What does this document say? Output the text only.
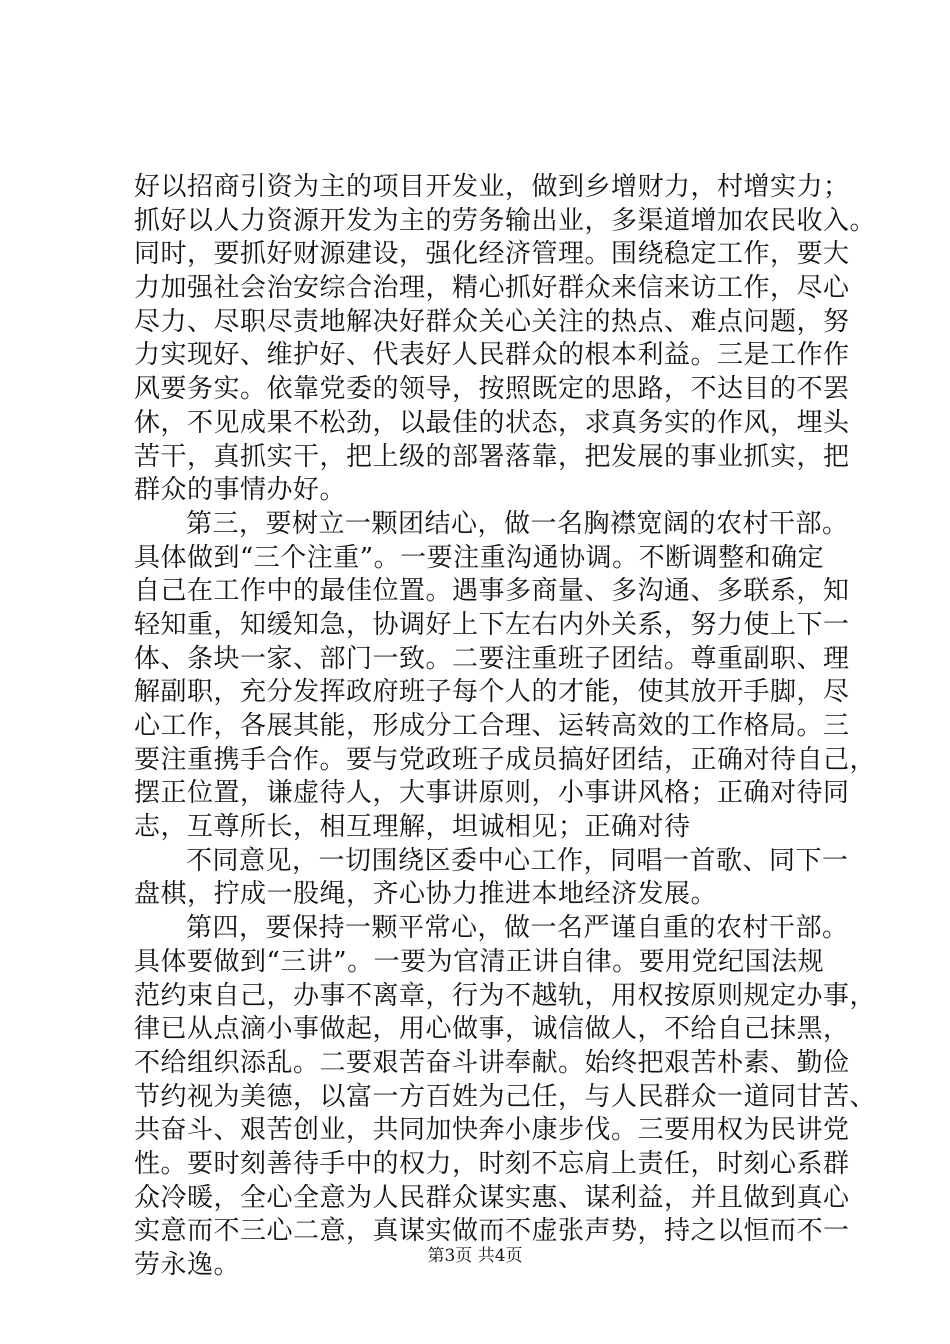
好以招商引资为主的项目开发业，做到乡增财力，村增实力；
抓好以人力资源开发为主的劳务输出业，多渠道增加农民收入。
同时，要抓好财源建设，强化经济管理。围绕稳定工作，要大
力加强社会治安综合治理，精心抓好群众来信来访工作，尽心
尽力、尽职尽责地解决好群众关心关注的热点、难点问题，努
力实现好、维护好、代表好人民群众的根本利益。三是工作作
风要务实。依靠党委的领导，按照既定的思路，不达目的不罢
休，不见成果不松劲，以最佳的状态，求真务实的作风，埋头
苦干，真抓实干，把上级的部署落靠，把发展的事业抓实，把
群众的事情办好。
第三，要树立一颗团结心，做一名胸襟宽阔的农村干部。
具体做到“三个注重”。一要注重沟通协调。不断调整和确定
自己在工作中的最佳位置。遇事多商量、多沟通、多联系，知
轻知重，知缓知急，协调好上下左右内外关系，努力使上下一
体、条块一家、部门一致。二要注重班子团结。尊重副职、理
解副职，充分发挥政府班子每个人的才能，使其放开手脚，尽
心工作，各展其能，形成分工合理、运转高效的工作格局。三
要注重携手合作。要与党政班子成员搞好团结，正确对待自己，
摆正位置，谦虚待人，大事讲原则，小事讲风格；正确对待同
志，互尊所长，相互理解，坦诚相见；正确对待
不同意见，一切围绕区委中心工作，同唱一首歌、同下一
盘棋，拧成一股绳，齐心协力推进本地经济发展。
第四，要保持一颗平常心，做一名严谨自重的农村干部。
具体要做到“三讲”。一要为官清正讲自律。要用党纪国法规
范约束自己，办事不离章，行为不越轨，用权按原则规定办事，
律已从点滴小事做起，用心做事，诚信做人，不给自己抹黑，
不给组织添乱。二要艰苦奋斗讲奉献。始终把艰苦朴素、勤俭
节约视为美德，以富一方百姓为己任，与人民群众一道同甘苦、
共奋斗、艰苦创业，共同加快奔小康步伐。三要用权为民讲党
性。要时刻善待手中的权力，时刻不忘肩上责任，时刻心系群
众冷暖，全心全意为人民群众谋实惠、谋利益，并且做到真心
实意而不三心二意，真谋实做而不虚张声势，持之以恒而不一
劳永逸。	第3页 共4页
